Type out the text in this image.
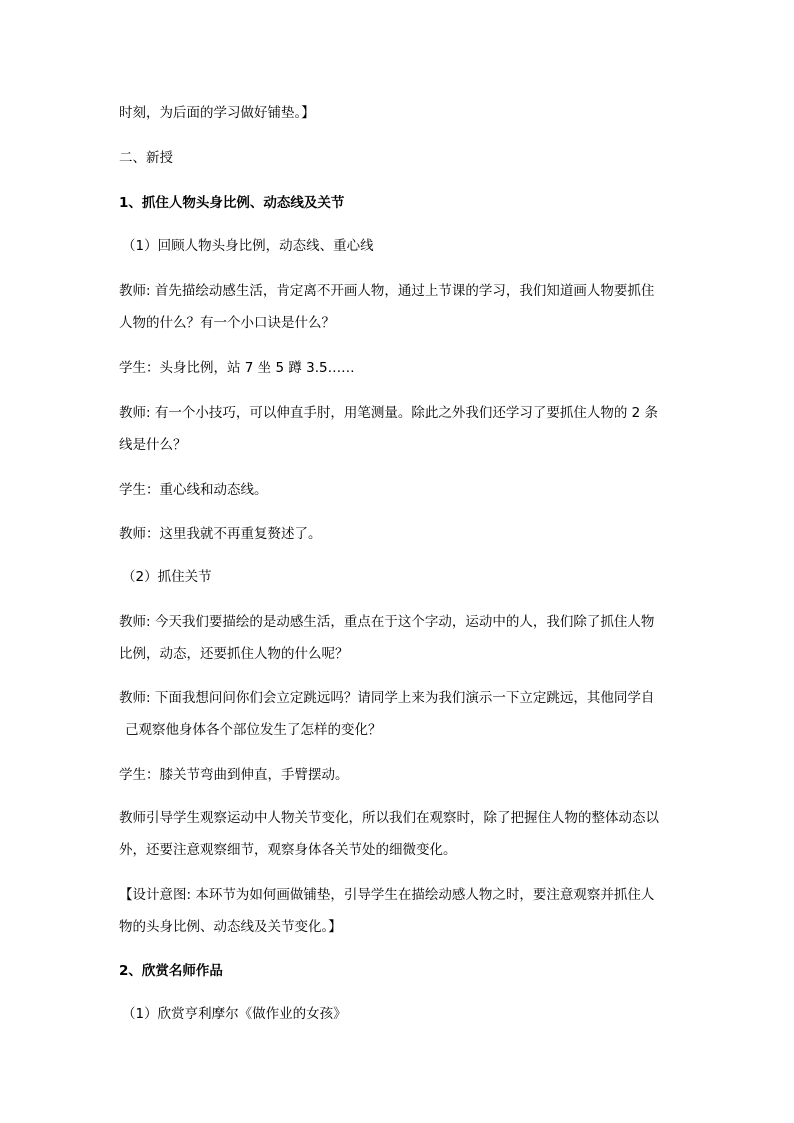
时刻，为后面的学习做好铺垫。】
二、新授
1、抓住人物头身比例、动态线及关节
（1）回顾人物头身比例，动态线、重心线
教师: 首先描绘动感生活，肯定离不开画人物，通过上节课的学习，我们知道画人物要抓住
人物的什么？有一个小口诀是什么？
学生：头身比例，站 7 坐 5 蹲 3.5……
教师: 有一个小技巧，可以伸直手肘，用笔测量。除此之外我们还学习了要抓住人物的 2 条
线是什么？
学生：重心线和动态线。
教师：这里我就不再重复赘述了。
（2）抓住关节
教师: 今天我们要描绘的是动感生活，重点在于这个字动，运动中的人，我们除了抓住人物
比例，动态，还要抓住人物的什么呢？
教师: 下面我想问问你们会立定跳远吗？请同学上来为我们演示一下立定跳远，其他同学自
己观察他身体各个部位发生了怎样的变化？
学生：膝关节弯曲到伸直，手臂摆动。
教师引导学生观察运动中人物关节变化，所以我们在观察时，除了把握住人物的整体动态以
外，还要注意观察细节，观察身体各关节处的细微变化。
【设计意图: 本环节为如何画做铺垫，引导学生在描绘动感人物之时，要注意观察并抓住人
物的头身比例、动态线及关节变化。】
2、欣赏名师作品
（1）欣赏亨利摩尔《做作业的女孩》
